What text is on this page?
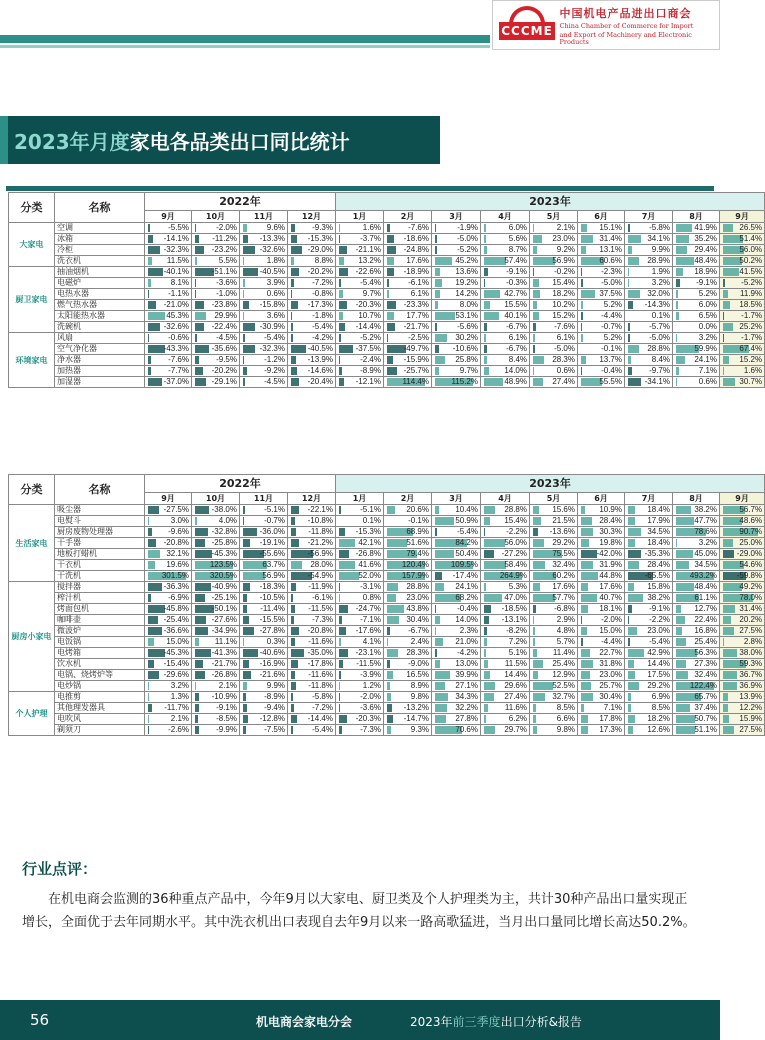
CCCME
中国机电产品进出口商会
China Chamber of Commerce for Import
and Export of Machinery and Electronic Products
2023年月度家电各品类出口同比统计
分类	名称	2022年				2023年								
		9月	10月	11月	12月	1月	2月	3月	4月	5月	6月	7月	8月	9月
大家电	空调	-5.5%	-2.0%	9.6%	-9.3%	1.6%	-7.6%	-1.9%	6.0%	2.1%	15.1%	-5.8%	41.9%	26.5%
	冰箱	-14.1%	-11.2%	-13.3%	-15.3%	-3.7%	-18.6%	-5.0%	5.6%	23.0%	31.4%	34.1%	35.2%	51.4%
	冷柜	-32.3%	-23.2%	-32.6%	-29.0%	-21.1%	-24.8%	-5.2%	8.7%	9.2%	13.1%	9.9%	29.4%	56.0%
	洗衣机	11.5%	5.5%	1.8%	8.8%	13.2%	17.6%	45.2%	57.4%	56.9%	60.6%	28.9%	48.4%	50.2%
厨卫家电	抽油烟机	-40.1%	-51.1%	-40.5%	-20.2%	-22.6%	-18.9%	13.6%	-9.1%	-0.2%	-2.3%	1.9%	18.9%	41.5%
	电磁炉	8.1%	-3.6%	3.9%	-7.2%	-5.4%	-6.1%	19.2%	-0.3%	15.4%	-5.0%	3.2%	-9.1%	-5.2%
	电热水器	-1.1%	-1.0%	0.6%	-0.8%	9.7%	6.1%	14.2%	42.7%	18.2%	37.5%	32.0%	5.2%	11.9%
	燃气热水器	-21.0%	-23.8%	-15.8%	-17.3%	-20.3%	-23.3%	8.0%	15.5%	10.2%	5.2%	-14.3%	6.0%	18.5%
	太阳能热水器	45.3%	29.9%	3.6%	-1.8%	10.7%	17.7%	53.1%	40.1%	15.2%	-4.4%	0.1%	6.5%	-1.7%
	洗碗机	-32.6%	-22.4%	-30.9%	-5.4%	-14.4%	-21.7%	-5.6%	-6.7%	-7.6%	-0.7%	-5.7%	0.0%	25.2%
环境家电	风扇	-0.6%	-4.5%	-5.4%	-4.2%	-5.2%	-2.5%	30.2%	6.1%	6.1%	5.2%	-5.0%	3.2%	-1.7%
	空气净化器	-43.3%	-35.6%	-32.3%	-40.5%	-37.5%	-49.7%	-10.6%	-6.7%	-5.0%	-0.1%	28.8%	59.9%	67.4%
	净水器	-7.6%	-9.5%	-1.2%	-13.9%	-2.4%	-15.9%	25.8%	8.4%	28.3%	13.7%	8.4%	24.1%	15.2%
	加热器	-7.7%	-20.2%	-9.2%	-14.6%	-8.9%	-25.7%	9.7%	14.0%	0.6%	-0.4%	-9.7%	7.1%	1.6%
	加湿器	-37.0%	-29.1%	-4.5%	-20.4%	-12.1%	114.4%	115.2%	48.9%	27.4%	55.5%	-34.1%	0.6%	30.7%
分类	名称	2022年				2023年								
		9月	10月	11月	12月	1月	2月	3月	4月	5月	6月	7月	8月	9月
生活家电	吸尘器	-27.5%	-38.0%	-5.1%	-22.1%	-5.1%	20.6%	10.4%	28.8%	15.6%	10.9%	18.4%	38.2%	56.7%
	电熨斗	3.0%	4.0%	-0.7%	-10.8%	0.1%	-0.1%	50.9%	15.4%	21.5%	28.4%	17.9%	47.7%	48.6%
	厨房废物处理器	-9.6%	-32.8%	-36.0%	-11.8%	-15.3%	68.9%	-5.4%	-2.2%	-13.6%	30.3%	34.5%	78.6%	90.7%
	干手器	-20.8%	-25.8%	-19.1%	-21.2%	42.1%	51.6%	84.2%	56.0%	29.2%	19.8%	18.4%	3.2%	25.0%
	地板打蜡机	32.1%	-45.3%	-55.6%	-56.9%	-26.8%	79.4%	50.4%	-27.2%	75.5%	-42.0%	-35.3%	45.0%	-29.0%
	干衣机	19.6%	123.5%	63.7%	28.0%	41.6%	120.4%	109.5%	58.4%	32.4%	31.9%	28.4%	34.5%	54.6%
	干洗机	301.5%	320.5%	56.9%	-54.9%	52.0%	157.9%	-17.4%	264.9%	60.2%	44.8%	-65.5%	493.2%	-59.8%
厨房小家电	搅拌器	-36.3%	-40.9%	-18.3%	-11.9%	-3.1%	28.8%	24.1%	5.3%	17.6%	17.6%	15.8%	48.4%	49.2%
	榨汁机	-6.9%	-25.1%	-10.5%	-6.1%	0.8%	23.0%	68.2%	47.0%	57.7%	40.7%	38.2%	61.1%	78.0%
	烤面包机	-45.8%	-50.1%	-11.4%	-11.5%	-24.7%	43.8%	-0.4%	-18.5%	-6.8%	18.1%	-9.1%	12.7%	31.4%
	咖啡壶	-25.4%	-27.6%	-15.5%	-7.3%	-7.1%	30.4%	14.0%	-13.1%	2.9%	-2.0%	-2.2%	22.4%	20.2%
	微波炉	-36.6%	-34.9%	-27.8%	-20.8%	-17.6%	-6.7%	2.3%	-8.2%	4.8%	15.0%	23.0%	16.8%	27.5%
	电饭锅	15.0%	11.1%	0.3%	-11.6%	4.1%	2.4%	21.0%	7.2%	5.7%	-4.4%	-5.4%	25.4%	2.8%
	电烤箱	-45.3%	-41.3%	-40.6%	-35.0%	-23.1%	28.3%	-4.2%	5.1%	11.4%	22.7%	42.9%	56.3%	38.0%
	饮水机	-15.4%	-21.7%	-16.9%	-17.8%	-11.5%	-9.0%	13.0%	11.5%	25.4%	31.8%	14.4%	27.3%	59.3%
	电锅、烧烤炉等	-29.6%	-26.8%	-21.6%	-11.6%	-3.9%	16.5%	39.9%	14.4%	12.9%	23.0%	17.5%	32.4%	36.7%
	电炒锅	3.2%	2.1%	9.9%	-11.8%	1.2%	8.9%	27.1%	29.6%	52.5%	25.7%	29.2%	122.4%	36.9%
个人护理	电推剪	1.3%	-10.9%	-8.9%	-5.8%	-2.0%	9.8%	34.3%	27.4%	32.7%	30.4%	6.9%	65.7%	13.9%
	其他理发器具	-11.7%	-9.1%	-9.4%	-7.2%	-3.6%	-13.2%	32.2%	11.6%	8.5%	7.1%	8.5%	37.4%	12.2%
	电吹风	2.1%	-8.5%	-12.8%	-14.4%	-20.3%	-14.7%	27.8%	6.2%	6.6%	17.8%	18.2%	50.7%	15.9%
	剃须刀	-2.6%	-9.9%	-7.5%	-5.4%	-7.3%	9.3%	70.6%	29.7%	9.8%	17.3%	12.6%	51.1%	27.5%
行业点评：
在机电商会监测的36种重点产品中，今年9月以大家电、厨卫类及个人护理类为主，共计30种产品出口量实现正增长，全面优于去年同期水平。其中洗衣机出口表现自去年9月以来一路高歌猛进，当月出口量同比增长高达50.2%。
56	机电商会家电分会	2023年前三季度出口分析&报告
